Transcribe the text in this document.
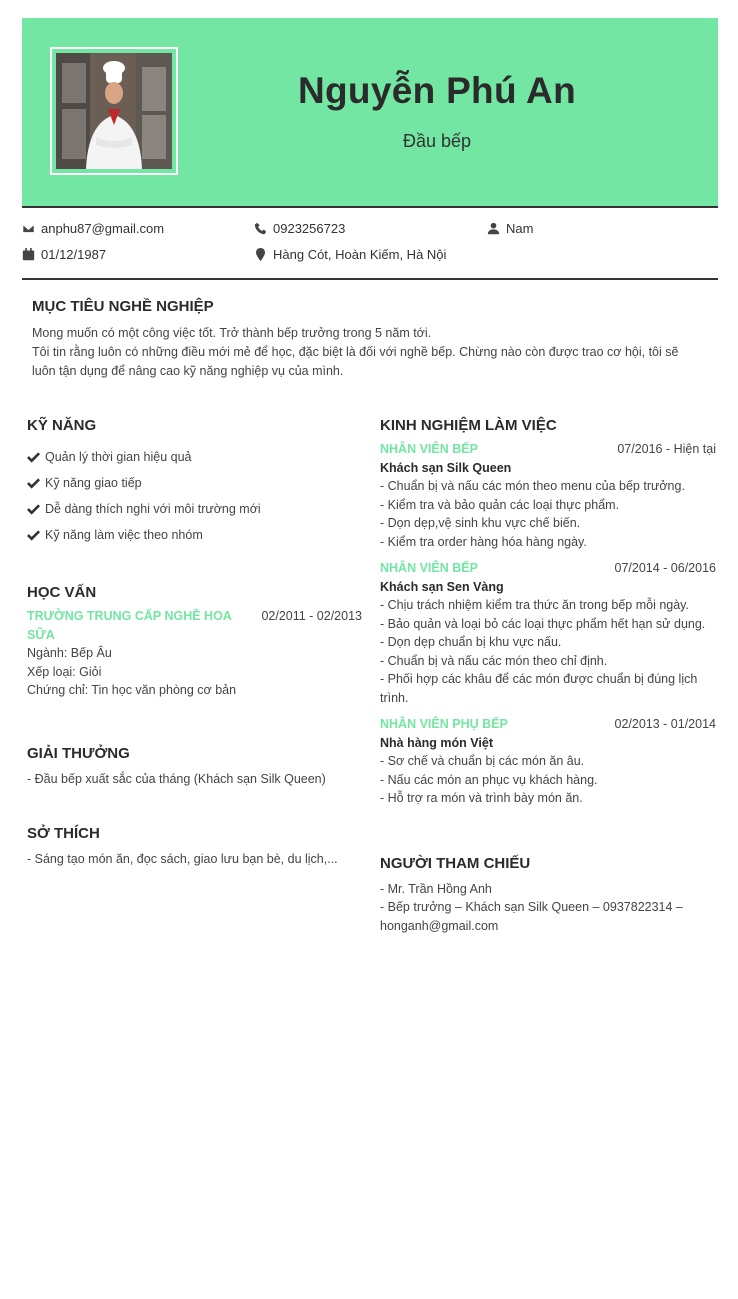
Nguyễn Phú An
Đầu bếp
anphu87@gmail.com	0923256723	Nam
01/12/1987	Hàng Cót, Hoàn Kiếm, Hà Nội
MỤC TIÊU NGHỀ NGHIỆP

Mong muốn có một công việc tốt. Trở thành bếp trưởng trong 5 năm tới.

Tôi tin rằng luôn có những điều mới mẻ để học, đặc biệt là đối với nghề bếp. Chừng nào còn được trao cơ hội, tôi sẽ

luôn tận dụng để nâng cao kỹ năng nghiệp vụ của mình.

KỸ NĂNG
Quản lý thời gian hiệu quả
Kỹ năng giao tiếp
Dễ dàng thích nghi với môi trường mới
Kỹ năng làm việc theo nhóm
HỌC VẤN
TRƯỜNG TRUNG CẤP NGHỀ HOA SỮA
02/2011 - 02/2013
Ngành: Bếp Âu
Xếp loại: Giỏi
Chứng chỉ: Tin học văn phòng cơ bản
GIẢI THƯỞNG
- Đầu bếp xuất sắc của tháng (Khách sạn Silk Queen)
SỞ THÍCH
- Sáng tạo món ăn, đọc sách, giao lưu bạn bè, du lịch,...
KINH NGHIỆM LÀM VIỆC
NHÂN VIÊN BẾP	07/2016 - Hiện tại
Khách sạn Silk Queen
- Chuẩn bị và nấu các món theo menu của bếp trưởng.
- Kiểm tra và bảo quản các loại thực phẩm.
- Dọn dẹp,vệ sinh khu vực chế biến.
- Kiểm tra order hàng hóa hàng ngày.
NHÂN VIÊN BẾP	07/2014 - 06/2016
Khách sạn Sen Vàng
- Chịu trách nhiệm kiểm tra thức ăn trong bếp mỗi ngày.
- Bảo quản và loại bỏ các loại thực phẩm hết hạn sử dụng.
- Dọn dẹp chuẩn bị khu vực nấu.
- Chuẩn bị và nấu các món theo chỉ định.
- Phối hợp các khâu để các món được chuẩn bị đúng lịch trình.
NHÂN VIÊN PHỤ BẾP	02/2013 - 01/2014
Nhà hàng món Việt
- Sơ chế và chuẩn bị các món ăn âu.
- Nấu các món an phục vụ khách hàng.
- Hỗ trợ ra món và trình bày món ăn.
NGƯỜI THAM CHIẾU
- Mr. Trần Hồng Anh
- Bếp trưởng – Khách sạn Silk Queen – 0937822314 – honganh@gmail.com
